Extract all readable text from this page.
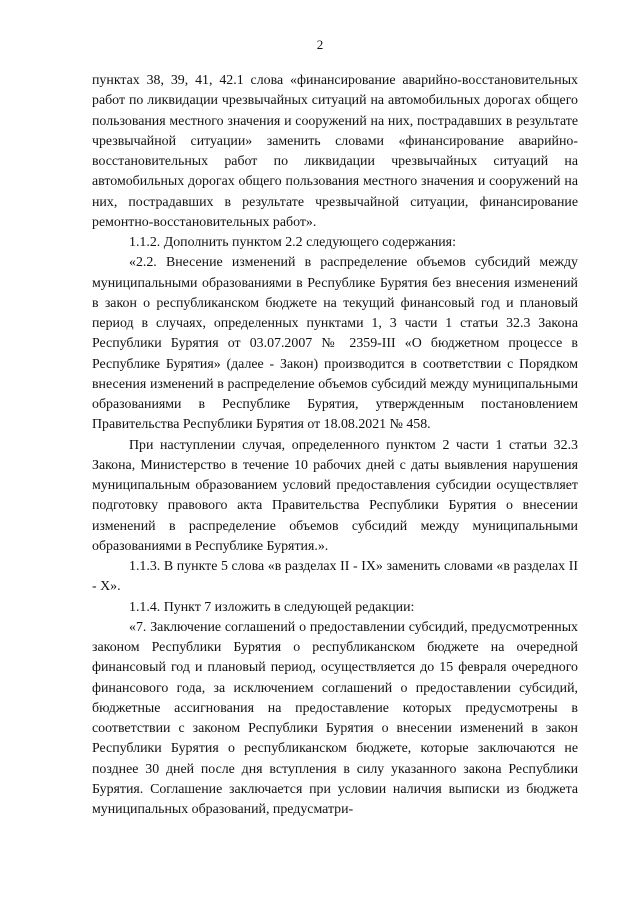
2

пунктах 38, 39, 41, 42.1 слова «финансирование аварийно-восстановительных работ по ликвидации чрезвычайных ситуаций на автомобильных дорогах общего пользования местного значения и сооружений на них, пострадавших в результате чрезвычайной ситуации» заменить словами «финансирование аварийно-восстановительных работ по ликвидации чрезвычайных ситуаций на автомобильных дорогах общего пользования местного значения и сооружений на них, пострадавших в результате чрезвычайной ситуации, финансирование ремонтно-восстановительных работ».

1.1.2. Дополнить пунктом 2.2 следующего содержания:

«2.2. Внесение изменений в распределение объемов субсидий между муниципальными образованиями в Республике Бурятия без внесения изменений в закон о республиканском бюджете на текущий финансовый год и плановый период в случаях, определенных пунктами 1, 3 части 1 статьи 32.3 Закона Республики Бурятия от 03.07.2007 № 2359-III «О бюджетном процессе в Республике Бурятия» (далее - Закон) производится в соответствии с Порядком внесения изменений в распределение объемов субсидий между муниципальными образованиями в Республике Бурятия, утвержденным постановлением Правительства Республики Бурятия от 18.08.2021 № 458.

При наступлении случая, определенного пунктом 2 части 1 статьи 32.3 Закона, Министерство в течение 10 рабочих дней с даты выявления нарушения муниципальным образованием условий предоставления субсидии осуществляет подготовку правового акта Правительства Республики Бурятия о внесении изменений в распределение объемов субсидий между муниципальными образованиями в Республике Бурятия.».

1.1.3. В пункте 5 слова «в разделах II - IX» заменить словами «в разделах II - X».

1.1.4. Пункт 7 изложить в следующей редакции:

«7. Заключение соглашений о предоставлении субсидий, предусмотренных законом Республики Бурятия о республиканском бюджете на очередной финансовый год и плановый период, осуществляется до 15 февраля очередного финансового года, за исключением соглашений о предоставлении субсидий, бюджетные ассигнования на предоставление которых предусмотрены в соответствии с законом Республики Бурятия о внесении изменений в закон Республики Бурятия о республиканском бюджете, которые заключаются не позднее 30 дней после дня вступления в силу указанного закона Республики Бурятия. Соглашение заключается при условии наличия выписки из бюджета муниципальных образований, предусматри-
